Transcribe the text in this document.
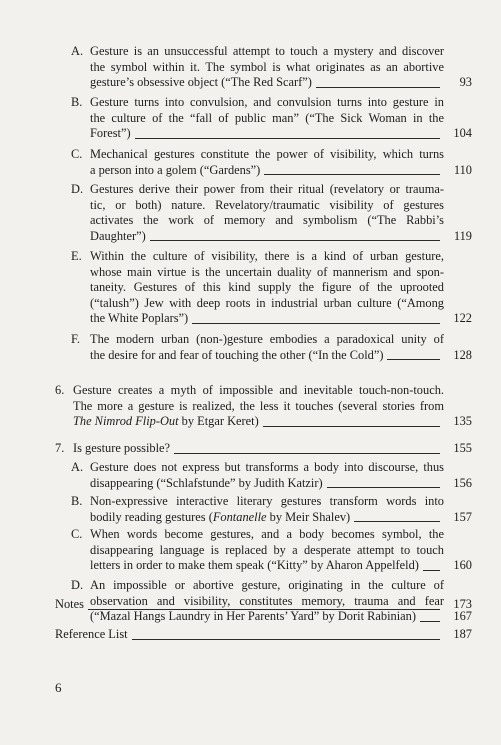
A. Gesture is an unsuccessful attempt to touch a mystery and discover
the symbol within it. The symbol is what originates as an abortive
gesture’s obsessive object (“The Red Scarf”)	93
B. Gesture turns into convulsion, and convulsion turns into gesture in
the culture of the “fall of public man” (“The Sick Woman in the
Forest”)	104
C. Mechanical gestures constitute the power of visibility, which turns
a person into a golem (“Gardens”)	110
D. Gestures derive their power from their ritual (revelatory or trauma-
tic, or both) nature. Revelatory/traumatic visibility of gestures
activates the work of memory and symbolism (“The Rabbi’s
Daughter”)	119
E. Within the culture of visibility, there is a kind of urban gesture,
whose main virtue is the uncertain duality of mannerism and spon-
taneity. Gestures of this kind supply the figure of the uprooted
(“talush”) Jew with deep roots in industrial urban culture (“Among
the White Poplars”)	122
F. The modern urban (non-)gesture embodies a paradoxical unity of
the desire for and fear of touching the other (“In the Cold”)	128
6. Gesture creates a myth of impossible and inevitable touch-non-touch.
The more a gesture is realized, the less it touches (several stories from
The Nimrod Flip-Out by Etgar Keret)	135
7. Is gesture possible?	155
A. Gesture does not express but transforms a body into discourse, thus
disappearing (“Schlafstunde” by Judith Katzir)	156
B. Non-expressive interactive literary gestures transform words into
bodily reading gestures (Fontanelle by Meir Shalev)	157
C. When words become gestures, and a body becomes symbol, the
disappearing language is replaced by a desperate attempt to touch
letters in order to make them speak (“Kitty” by Aharon Appelfeld)	160
D. An impossible or abortive gesture, originating in the culture of
observation and visibility, constitutes memory, trauma and fear
(“Mazal Hangs Laundry in Her Parents’ Yard” by Dorit Rabinian)	167
Notes	173
Reference List	187
6
